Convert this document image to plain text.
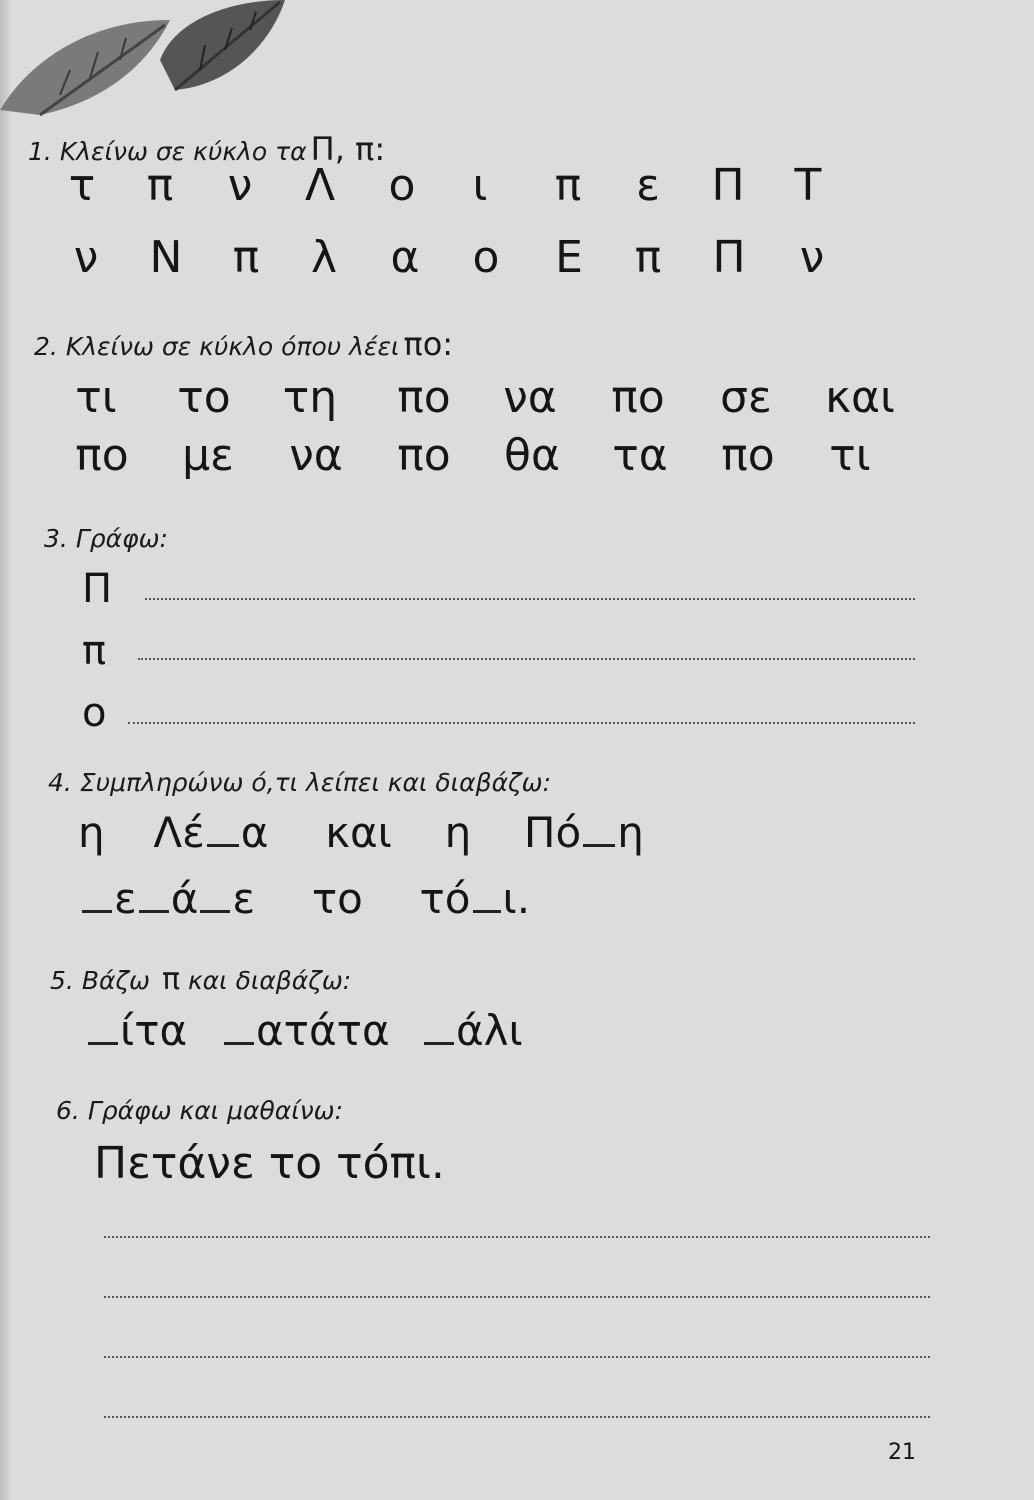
1. Κλείνω σε κύκλο τα Π, π:
τ π ν Λ ο ι π ε Π Τ
ν Ν π λ α ο Ε π Π ν
2. Κλείνω σε κύκλο όπου λέει πο:
τι το τη πο να πο σε και
πο με να πο θα τα πο τι
3. Γράφω:
Π
π
ο
4. Συμπληρώνω ό,τι λείπει και διαβάζω:
η Λέ α και η Πό η
ε ά ε το τό ι.
5. Βάζω π και διαβάζω:
ίτα	ατάτα	άλι
6. Γράφω και μαθαίνω:
Πετάνε το τόπι.
21
